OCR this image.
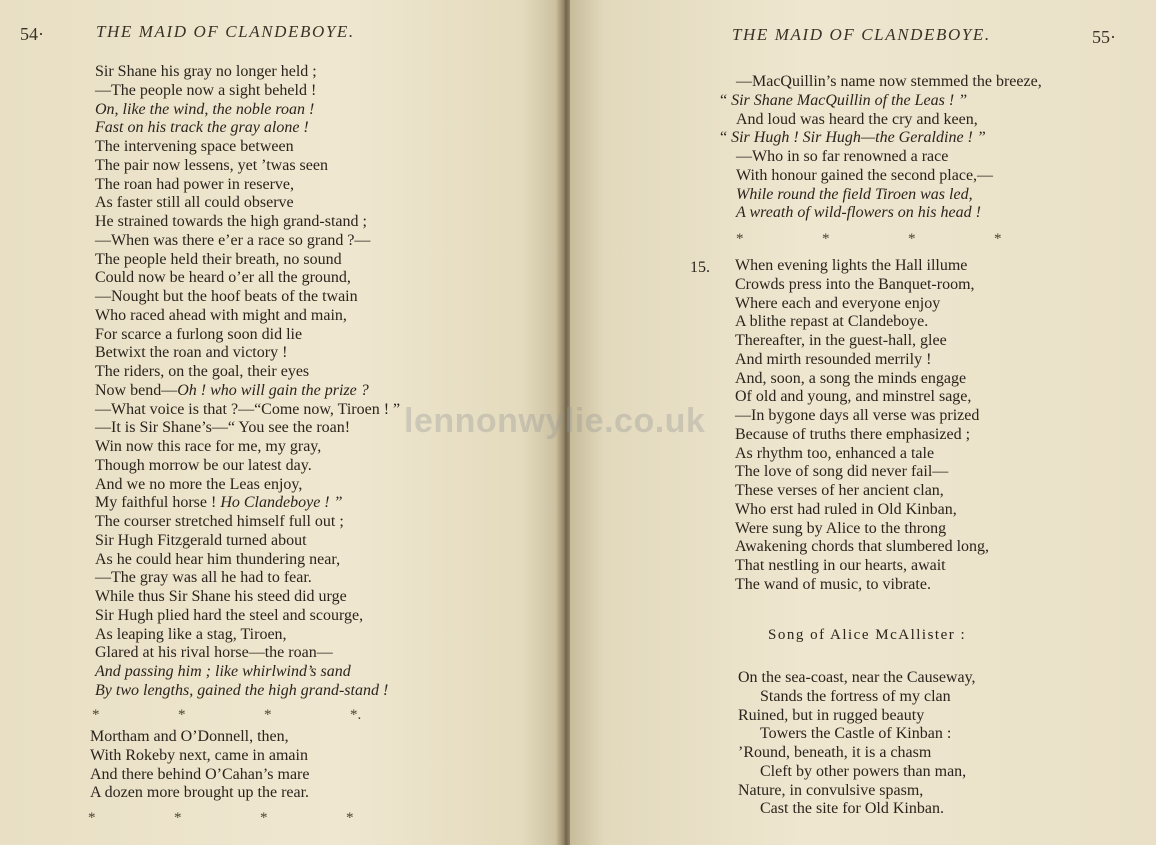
54·	THE MAID OF CLANDEBOYE.
Sir Shane his gray no longer held ;
—The people now a sight beheld !
On, like the wind, the noble roan !
Fast on his track the gray alone !
The intervening space between
The pair now lessens, yet ’twas seen
The roan had power in reserve,
As faster still all could observe
He strained towards the high grand-stand ;
—When was there e’er a race so grand ?—
The people held their breath, no sound
Could now be heard o’er all the ground,
—Nought but the hoof beats of the twain
Who raced ahead with might and main,
For scarce a furlong soon did lie
Betwixt the roan and victory !
The riders, on the goal, their eyes
Now bend—Oh ! who will gain the prize ?
—What voice is that ?—“Come now, Tiroen ! ”
—It is Sir Shane’s—“ You see the roan!
Win now this race for me, my gray,
Though morrow be our latest day.
And we no more the Leas enjoy,
My faithful horse ! Ho Clandeboye ! ”
The courser stretched himself full out ;
Sir Hugh Fitzgerald turned about
As he could hear him thundering near,
—The gray was all he had to fear.
While thus Sir Shane his steed did urge
Sir Hugh plied hard the steel and scourge,
As leaping like a stag, Tiroen,
Glared at his rival horse—the roan—
And passing him ; like whirlwind’s sand
By two lengths, gained the high grand-stand !
*	*	*	*.
Mortham and O’Donnell, then,
With Rokeby next, came in amain
And there behind O’Cahan’s mare
A dozen more brought up the rear.
*	*	*	*
THE MAID OF CLANDEBOYE.	55·
—MacQuillin’s name now stemmed the breeze,
“ Sir Shane MacQuillin of the Leas ! ”
And loud was heard the cry and keen,
“ Sir Hugh ! Sir Hugh—the Geraldine ! ”
—Who in so far renowned a race
With honour gained the second place,—
While round the field Tiroen was led,
A wreath of wild-flowers on his head !
*	*	*	*
15. When evening lights the Hall illume
Crowds press into the Banquet-room,
Where each and everyone enjoy
A blithe repast at Clandeboye.
Thereafter, in the guest-hall, glee
And mirth resounded merrily !
And, soon, a song the minds engage
Of old and young, and minstrel sage,
—In bygone days all verse was prized
Because of truths there emphasized ;
As rhythm too, enhanced a tale
The love of song did never fail—
These verses of her ancient clan,
Who erst had ruled in Old Kinban,
Were sung by Alice to the throng
Awakening chords that slumbered long,
That nestling in our hearts, await
The wand of music, to vibrate.
Song of Alice McAllister :
On the sea-coast, near the Causeway,
Stands the fortress of my clan
Ruined, but in rugged beauty
Towers the Castle of Kinban :
’Round, beneath, it is a chasm
Cleft by other powers than man,
Nature, in convulsive spasm,
Cast the site for Old Kinban.
lennonwylie.co.uk
